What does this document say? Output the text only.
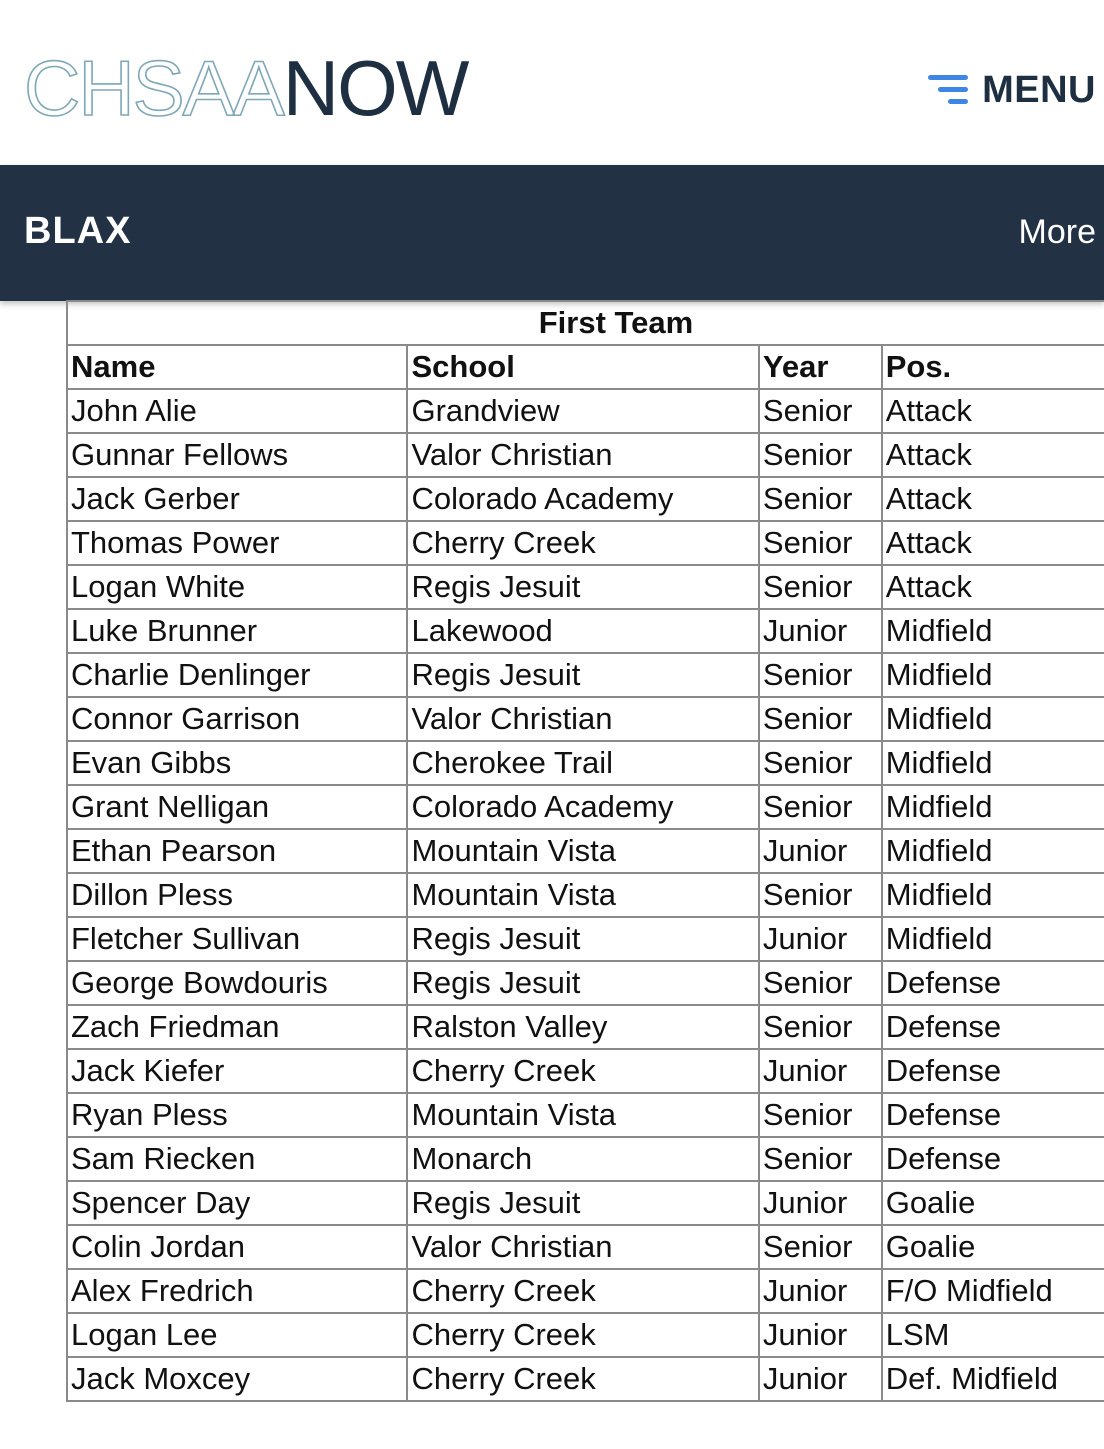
CHSAANOW	MENU
BLAX	More
First Team			
Name	School	Year	Pos.
John Alie	Grandview	Senior	Attack
Gunnar Fellows	Valor Christian	Senior	Attack
Jack Gerber	Colorado Academy	Senior	Attack
Thomas Power	Cherry Creek	Senior	Attack
Logan White	Regis Jesuit	Senior	Attack
Luke Brunner	Lakewood	Junior	Midfield
Charlie Denlinger	Regis Jesuit	Senior	Midfield
Connor Garrison	Valor Christian	Senior	Midfield
Evan Gibbs	Cherokee Trail	Senior	Midfield
Grant Nelligan	Colorado Academy	Senior	Midfield
Ethan Pearson	Mountain Vista	Junior	Midfield
Dillon Pless	Mountain Vista	Senior	Midfield
Fletcher Sullivan	Regis Jesuit	Junior	Midfield
George Bowdouris	Regis Jesuit	Senior	Defense
Zach Friedman	Ralston Valley	Senior	Defense
Jack Kiefer	Cherry Creek	Junior	Defense
Ryan Pless	Mountain Vista	Senior	Defense
Sam Riecken	Monarch	Senior	Defense
Spencer Day	Regis Jesuit	Junior	Goalie
Colin Jordan	Valor Christian	Senior	Goalie
Alex Fredrich	Cherry Creek	Junior	F/O Midfield
Logan Lee	Cherry Creek	Junior	LSM
Jack Moxcey	Cherry Creek	Junior	Def. Midfield
